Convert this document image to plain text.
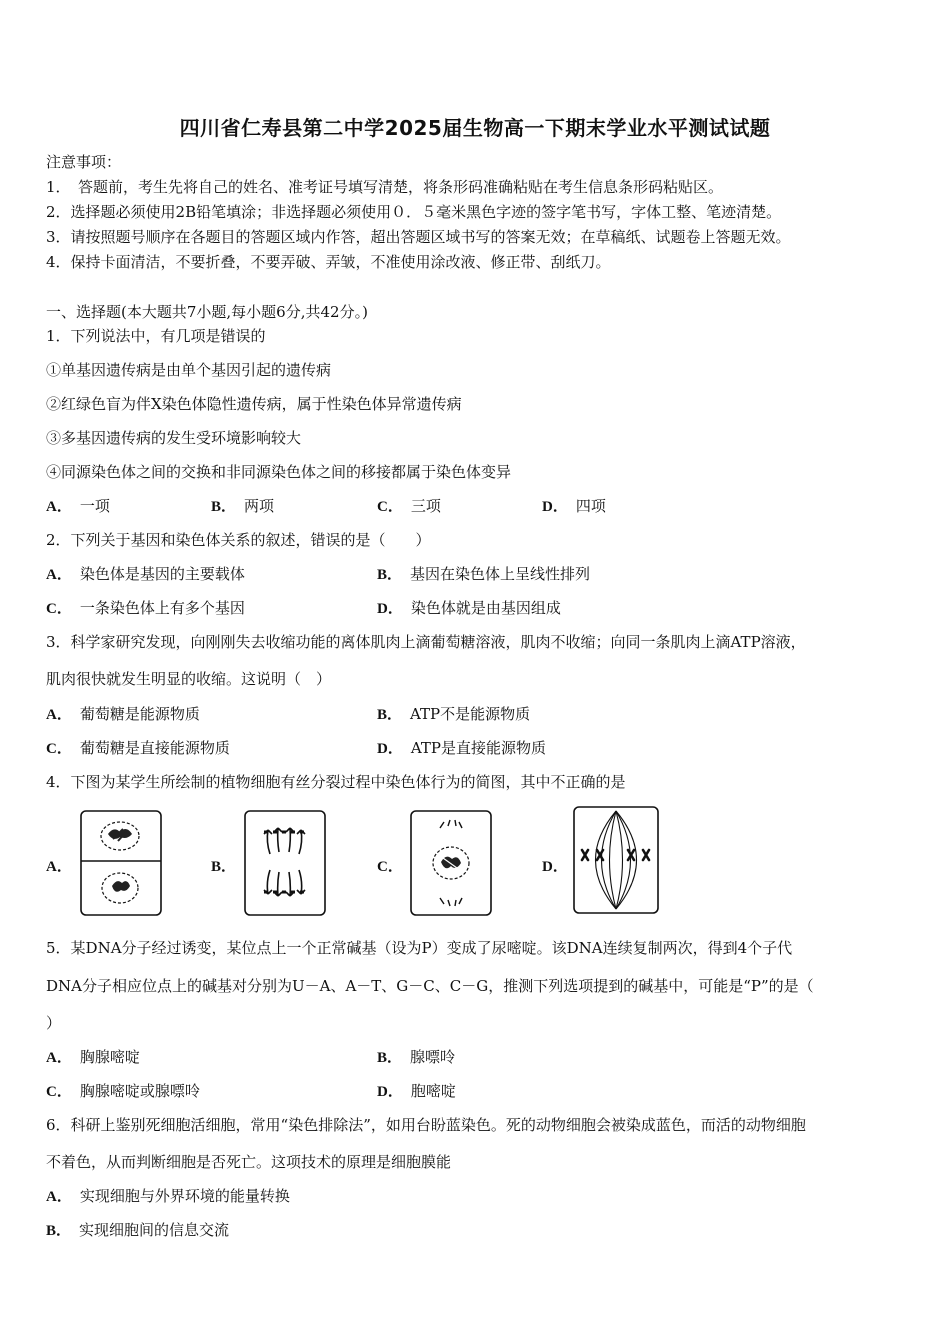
四川省仁寿县第二中学2025届生物高一下期末学业水平测试试题
注意事项：
1．　答题前，考生先将自己的姓名、准考证号填写清楚，将条形码准确粘贴在考生信息条形码粘贴区。
2．选择题必须使用2B铅笔填涂；非选择题必须使用０．５毫米黑色字迹的签字笔书写，字体工整、笔迹清楚。
3．请按照题号顺序在各题目的答题区域内作答，超出答题区域书写的答案无效；在草稿纸、试题卷上答题无效。
4．保持卡面清洁，不要折叠，不要弄破、弄皱，不准使用涂改液、修正带、刮纸刀。
一、选择题(本大题共7小题,每小题6分,共42分。)
1．下列说法中，有几项是错误的
①单基因遗传病是由单个基因引起的遗传病
②红绿色盲为伴X染色体隐性遗传病，属于性染色体异常遗传病
③多基因遗传病的发生受环境影响较大
④同源染色体之间的交换和非同源染色体之间的移接都属于染色体变异
A． 一项	B． 两项	C． 三项	D． 四项
2．下列关于基因和染色体关系的叙述，错误的是（　　）
A． 染色体是基因的主要载体	B． 基因在染色体上呈线性排列
C． 一条染色体上有多个基因	D． 染色体就是由基因组成
3．科学家研究发现，向刚刚失去收缩功能的离体肌肉上滴葡萄糖溶液，肌肉不收缩；向同一条肌肉上滴ATP溶液，
肌肉很快就发生明显的收缩。这说明（　）
A． 葡萄糖是能源物质	B． ATP不是能源物质
C． 葡萄糖是直接能源物质	D． ATP是直接能源物质
4．下图为某学生所绘制的植物细胞有丝分裂过程中染色体行为的简图，其中不正确的是
A．	B．	C．	D．
5．某DNA分子经过诱变，某位点上一个正常碱基（设为P）变成了尿嘧啶。该DNA连续复制两次，得到4个子代
DNA分子相应位点上的碱基对分别为U－A、A－T、G－C、C－G，推测下列选项提到的碱基中，可能是“P”的是（
）
A． 胸腺嘧啶	B． 腺嘌呤
C． 胸腺嘧啶或腺嘌呤	D． 胞嘧啶
6．科研上鉴别死细胞活细胞，常用“染色排除法”，如用台盼蓝染色。死的动物细胞会被染成蓝色，而活的动物细胞
不着色，从而判断细胞是否死亡。这项技术的原理是细胞膜能
A． 实现细胞与外界环境的能量转换
B． 实现细胞间的信息交流
